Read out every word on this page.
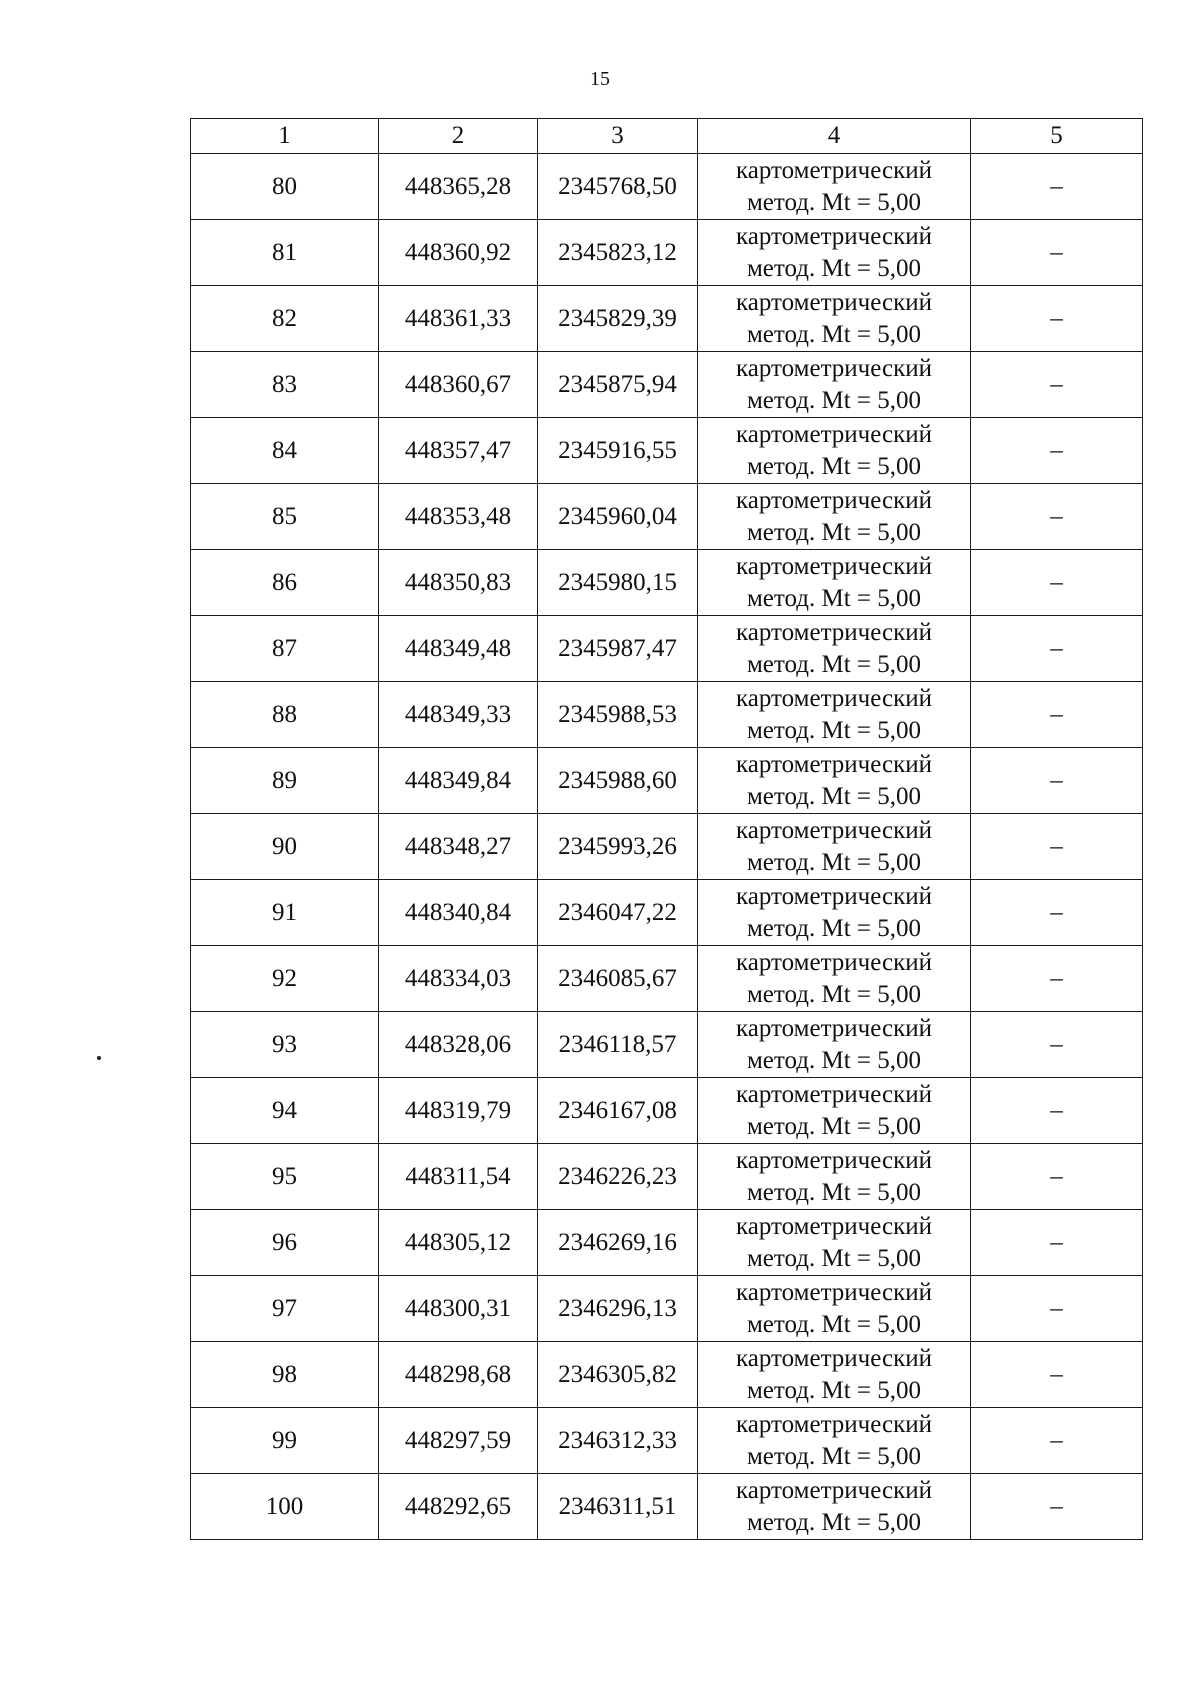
15
1	2	3	4	5
80	448365,28	2345768,50	картометрический
метод. Mt = 5,00	–
81	448360,92	2345823,12	картометрический
метод. Mt = 5,00	–
82	448361,33	2345829,39	картометрический
метод. Mt = 5,00	–
83	448360,67	2345875,94	картометрический
метод. Mt = 5,00	–
84	448357,47	2345916,55	картометрический
метод. Mt = 5,00	–
85	448353,48	2345960,04	картометрический
метод. Mt = 5,00	–
86	448350,83	2345980,15	картометрический
метод. Mt = 5,00	–
87	448349,48	2345987,47	картометрический
метод. Mt = 5,00	–
88	448349,33	2345988,53	картометрический
метод. Mt = 5,00	–
89	448349,84	2345988,60	картометрический
метод. Mt = 5,00	–
90	448348,27	2345993,26	картометрический
метод. Mt = 5,00	–
91	448340,84	2346047,22	картометрический
метод. Mt = 5,00	–
92	448334,03	2346085,67	картометрический
метод. Mt = 5,00	–
93	448328,06	2346118,57	картометрический
метод. Mt = 5,00	–
94	448319,79	2346167,08	картометрический
метод. Mt = 5,00	–
95	448311,54	2346226,23	картометрический
метод. Mt = 5,00	–
96	448305,12	2346269,16	картометрический
метод. Mt = 5,00	–
97	448300,31	2346296,13	картометрический
метод. Mt = 5,00	–
98	448298,68	2346305,82	картометрический
метод. Mt = 5,00	–
99	448297,59	2346312,33	картометрический
метод. Mt = 5,00	–
100	448292,65	2346311,51	картометрический
метод. Mt = 5,00	–
